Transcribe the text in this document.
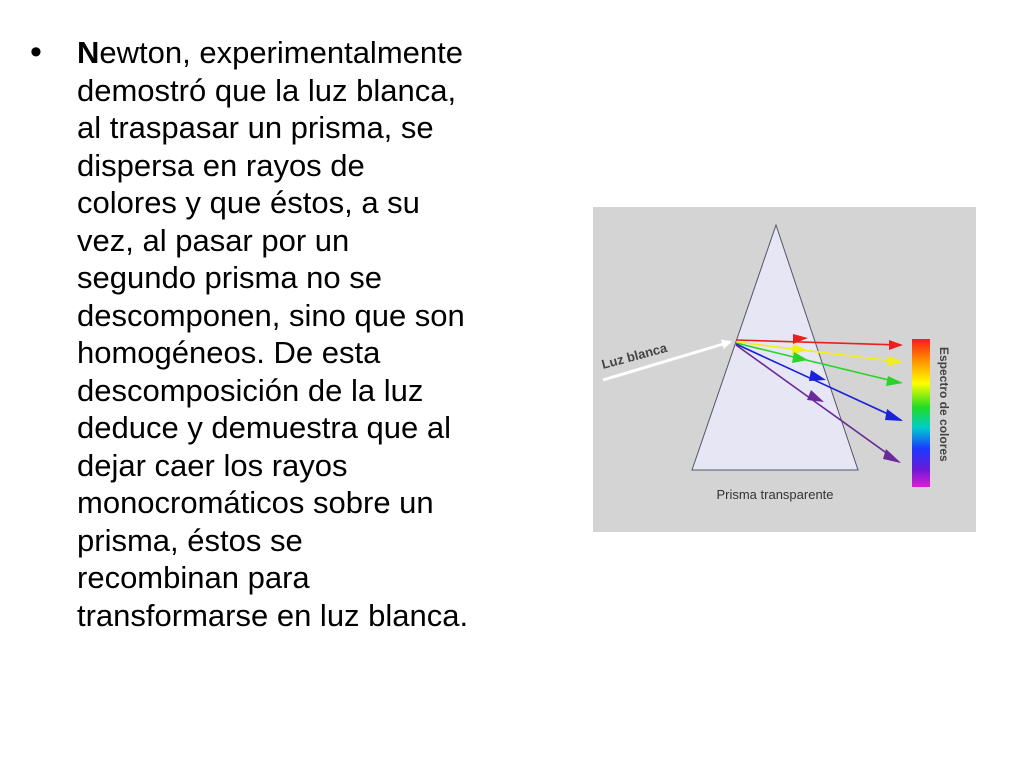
• Newton, experimentalmente
demostró que la luz blanca,
al traspasar un prisma, se
dispersa en rayos de
colores y que éstos, a su
vez, al pasar por un
segundo prisma no se
descomponen, sino que son
homogéneos. De esta
descomposición de la luz
deduce y demuestra que al
dejar caer los rayos
monocromáticos sobre un
prisma, éstos se
recombinan para
transformarse en luz blanca.
Luz blanca	Espectro de colores
Prisma transparente
